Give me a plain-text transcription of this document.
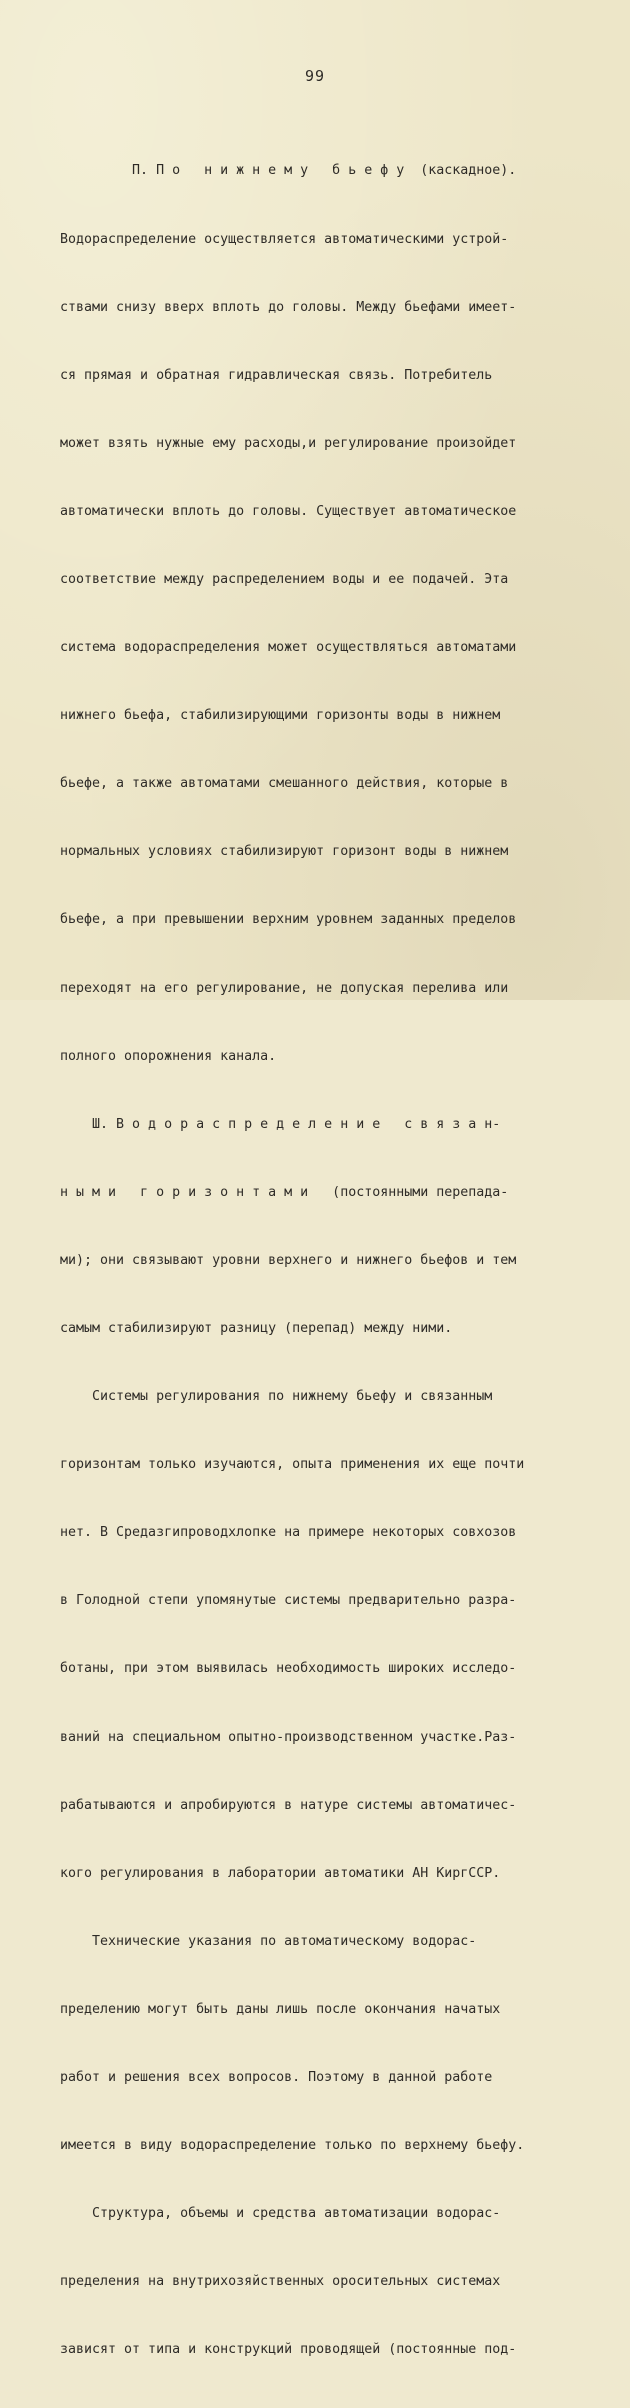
99

П. П о   н и ж н е м у   б ь е ф у  (каскадное).

Водораспределение осуществляется автоматическими устрой-

ствами снизу вверх вплоть до головы. Между бьефами имеет-

ся прямая и обратная гидравлическая связь. Потребитель

может взять нужные ему расходы,и регулирование произойдет

автоматически вплоть до головы. Существует автоматическое

соответствие между распределением воды и ее подачей. Эта

система водораспределения может осуществляться автоматами

нижнего бьефа, стабилизирующими горизонты воды в нижнем

бьефе, а также автоматами смешанного действия, которые в

нормальных условиях стабилизируют горизонт воды в нижнем

бьефе, а при превышении верхним уровнем заданных пределов

переходят на его регулирование, не допуская перелива или

полного опорожнения канала.

Ш. В о д о р а с п р е д е л е н и е   с в я з а н-

н ы м и   г о р и з о н т а м и   (постоянными перепада-

ми); они связывают уровни верхнего и нижнего бьефов и тем

самым стабилизируют разницу (перепад) между ними.

Системы регулирования по нижнему бьефу и связанным

горизонтам только изучаются, опыта применения их еще почти

нет. В Средазгипроводхлопке на примере некоторых совхозов

в Голодной степи упомянутые системы предварительно разра-

ботаны, при этом выявилась необходимость широких исследо-

ваний на специальном опытно-производственном участке.Раз-

рабатываются и апробируются в натуре системы автоматичес-

кого регулирования в лаборатории автоматики АН КиргССР.

Технические указания по автоматическому водорас-

пределению могут быть даны лишь после окончания начатых

работ и решения всех вопросов. Поэтому в данной работе

имеется в виду водораспределение только по верхнему бьефу.

Структура, объемы и средства автоматизации водорас-

пределения на внутрихозяйственных оросительных системах

зависят от типа и конструкций проводящей (постоянные под-
